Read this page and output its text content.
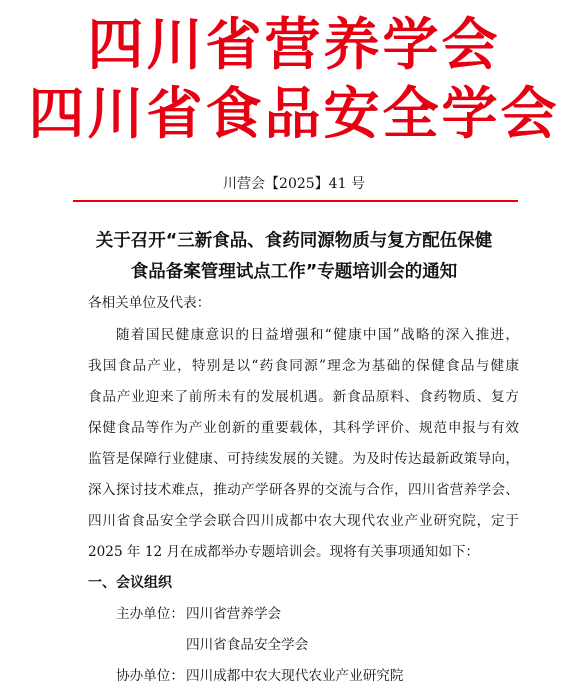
四川省营养学会
四川省食品安全学会
川营会【2025】41 号
关于召开“三新食品、食药同源物质与复方配伍保健
食品备案管理试点工作”专题培训会的通知
各相关单位及代表：
随着国民健康意识的日益增强和“健康中国”战略的深入推进，
我国食品产业，特别是以“药食同源”理念为基础的保健食品与健康
食品产业迎来了前所未有的发展机遇。新食品原料、食药物质、复方
保健食品等作为产业创新的重要载体，其科学评价、规范申报与有效
监管是保障行业健康、可持续发展的关键。为及时传达最新政策导向，
深入探讨技术难点，推动产学研各界的交流与合作，四川省营养学会、
四川省食品安全学会联合四川成都中农大现代农业产业研究院，定于
2025 年 12 月在成都举办专题培训会。现将有关事项通知如下：
一、会议组织
主办单位： 四川省营养学会
四川省食品安全学会
协办单位： 四川成都中农大现代农业产业研究院
